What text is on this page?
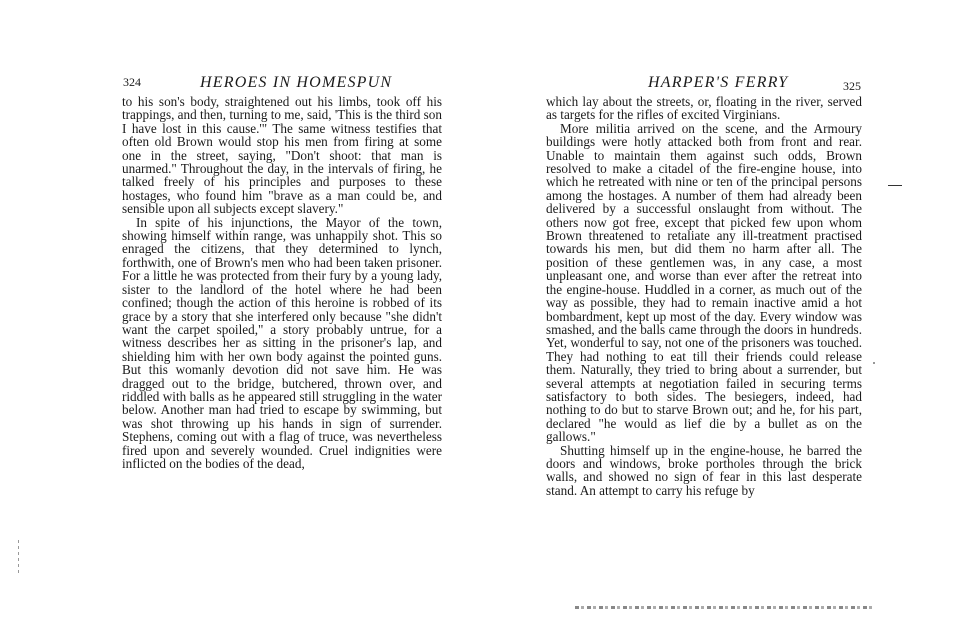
324	HEROES IN HOMESPUN

to his son's body, straightened out his limbs, took off his trappings, and then, turning to me, said, 'This is the third son I have lost in this cause.'" The same witness testifies that often old Brown would stop his men from firing at some one in the street, saying, "Don't shoot: that man is unarmed." Throughout the day, in the intervals of firing, he talked freely of his principles and purposes to these hostages, who found him "brave as a man could be, and sensible upon all subjects except slavery."

In spite of his injunctions, the Mayor of the town, showing himself within range, was unhappily shot. This so enraged the citizens, that they determined to lynch, forthwith, one of Brown's men who had been taken prisoner. For a little he was protected from their fury by a young lady, sister to the landlord of the hotel where he had been confined; though the action of this heroine is robbed of its grace by a story that she interfered only because "she didn't want the carpet spoiled," a story probably untrue, for a witness describes her as sitting in the prisoner's lap, and shielding him with her own body against the pointed guns. But this womanly devotion did not save him. He was dragged out to the bridge, butchered, thrown over, and riddled with balls as he appeared still struggling in the water below. Another man had tried to escape by swimming, but was shot throwing up his hands in sign of surrender. Stephens, coming out with a flag of truce, was nevertheless fired upon and severely wounded. Cruel indignities were inflicted on the bodies of the dead,

HARPER'S FERRY	325

which lay about the streets, or, floating in the river, served as targets for the rifles of excited Virginians.

More militia arrived on the scene, and the Armoury buildings were hotly attacked both from front and rear. Unable to maintain them against such odds, Brown resolved to make a citadel of the fire-engine house, into which he retreated with nine or ten of the principal persons among the hostages. A number of them had already been delivered by a successful onslaught from without. The others now got free, except that picked few upon whom Brown threatened to retaliate any ill-treatment practised towards his men, but did them no harm after all. The position of these gentlemen was, in any case, a most unpleasant one, and worse than ever after the retreat into the engine-house. Huddled in a corner, as much out of the way as possible, they had to remain inactive amid a hot bombardment, kept up most of the day. Every window was smashed, and the balls came through the doors in hundreds. Yet, wonderful to say, not one of the prisoners was touched. They had nothing to eat till their friends could release them. Naturally, they tried to bring about a surrender, but several attempts at negotiation failed in securing terms satisfactory to both sides. The besiegers, indeed, had nothing to do but to starve Brown out; and he, for his part, declared "he would as lief die by a bullet as on the gallows."

Shutting himself up in the engine-house, he barred the doors and windows, broke portholes through the brick walls, and showed no sign of fear in this last desperate stand. An attempt to carry his refuge by
